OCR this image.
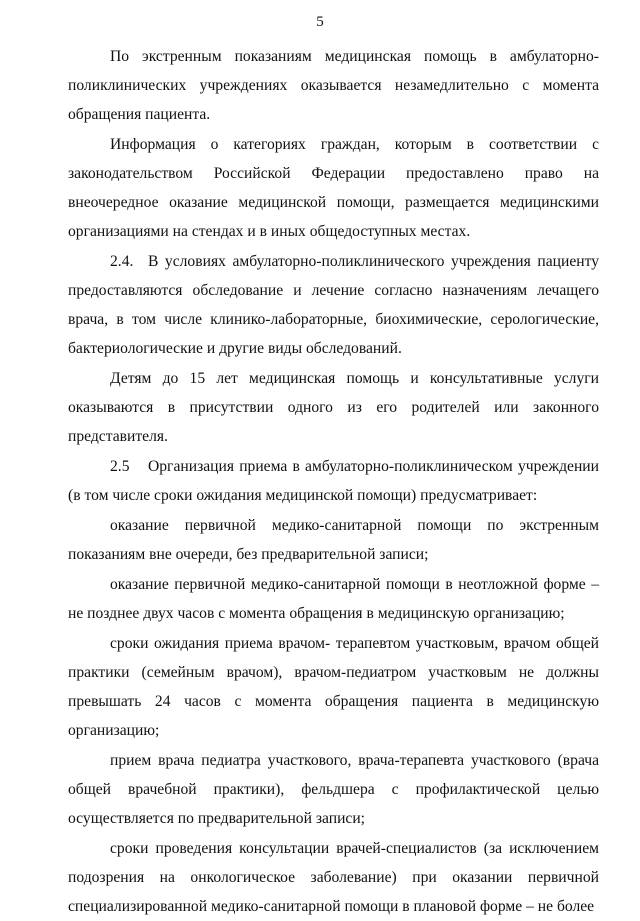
5

По экстренным показаниям медицинская помощь в амбулаторно-поликлинических учреждениях оказывается незамедлительно с момента обращения пациента.

Информация о категориях граждан, которым в соответствии с законодательством Российской Федерации предоставлено право на внеочередное оказание медицинской помощи, размещается медицинскими организациями на стендах и в иных общедоступных местах.

2.4. В условиях амбулаторно-поликлинического учреждения пациенту предоставляются обследование и лечение согласно назначениям лечащего врача, в том числе клинико-лабораторные, биохимические, серологические, бактериологические и другие виды обследований.

Детям до 15 лет медицинская помощь и консультативные услуги оказываются в присутствии одного из его родителей или законного представителя.

2.5 Организация приема в амбулаторно-поликлиническом учреждении (в том числе сроки ожидания медицинской помощи) предусматривает:

оказание первичной медико-санитарной помощи по экстренным показаниям вне очереди, без предварительной записи;

оказание первичной медико-санитарной помощи в неотложной форме – не позднее двух часов с момента обращения в медицинскую организацию;

сроки ожидания приема врачом- терапевтом участковым, врачом общей практики (семейным врачом), врачом-педиатром участковым не должны превышать 24 часов с момента обращения пациента в медицинскую организацию;

прием врача педиатра участкового, врача-терапевта участкового (врача общей врачебной практики), фельдшера с профилактической целью осуществляется по предварительной записи;

сроки проведения консультации врачей-специалистов (за исключением подозрения на онкологическое заболевание) при оказании первичной специализированной медико-санитарной помощи в плановой форме – не более
